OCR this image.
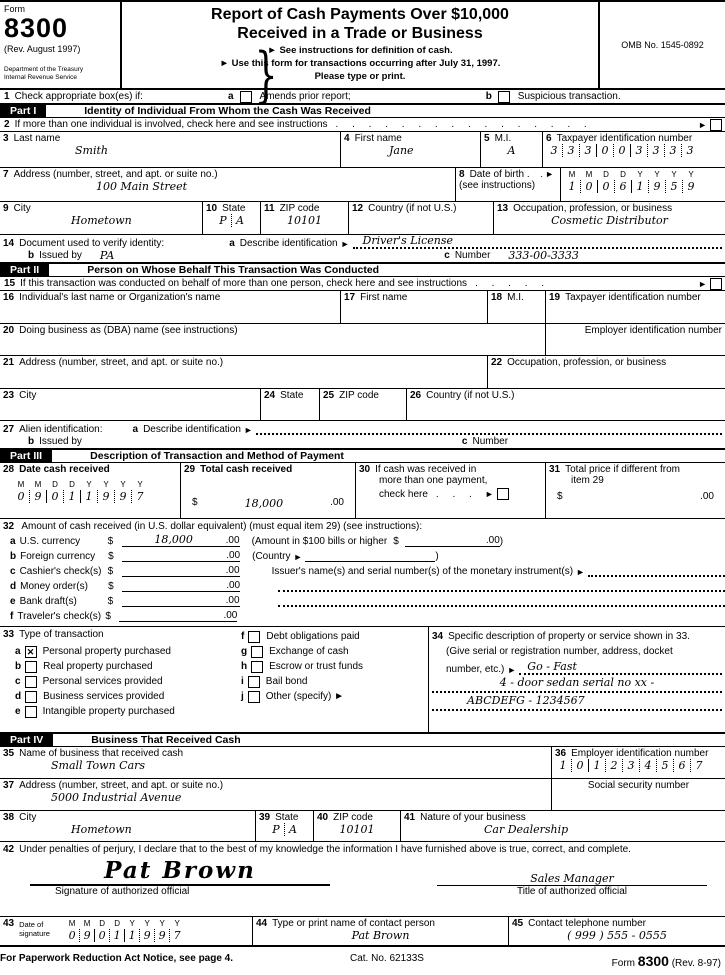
Form
8300
(Rev. August 1997)
Department of the Treasury
Internal Revenue Service
Report of Cash Payments Over $10,000
Received in a Trade or Business
► See instructions for definition of cash.
► Use this form for transactions occurring after July 31, 1997.
Please type or print.
OMB No. 1545-0892
1 Check appropriate box(es) if:	a	Amends prior report;	b	Suspicious transaction.
Part I	Identity of Individual From Whom the Cash Was Received
2 If more than one individual is involved, check here and see instructions . . . . . . . . . . . . . . . .	►
3 Last name
Smith
4 First name
Jane
5 M.I.
A
6 Taxpayer identification number
3 3 3 0 0 3 3 3 3
7 Address (number, street, and apt. or suite no.)
100 Main Street
8 Date of birth . . ►
(see instructions)
M	M	D	D	Y	Y	Y	Y
1 0 0 6 1 9 5 9
9 City
Hometown
10 State
P A
11 ZIP code
10101
12 Country (if not U.S.)	13 Occupation, profession, or business
Cosmetic Distributor
14 Document used to verify identity:	a Describe identification ► Driver's License
b Issued by PA	c Number 333-00-3333
Part II	Person on Whose Behalf This Transaction Was Conducted
15 If this transaction was conducted on behalf of more than one person, check here and see instructions . . . . .	►
16 Individual's last name or Organization's name	17 First name	18 M.I.	19 Taxpayer identification number
20 Doing business as (DBA) name (see instructions)	Employer identification number
21 Address (number, street, and apt. or suite no.)	22 Occupation, profession, or business
23 City	24 State	25 ZIP code	26 Country (if not U.S.)
27 Alien identification:	a Describe identification ►
b Issued by	c Number
Part III	Description of Transaction and Method of Payment
28 Date cash received
M	M	D	D	Y	Y	Y	Y
0 9 0 1 1 9 9 7
29 Total cash received
$	18,000	.00
30 If cash was received in
more than one payment,
check here . . . ►
31 Total price if different from
item 29
$	.00
32 Amount of cash received (in U.S. dollar equivalent) (must equal item 29) (see instructions):
a U.S. currency	$	18,000	.00 (Amount in $100 bills or higher $	.00 )
b Foreign currency	$	.00 (Country ►	)
c Cashier's check(s) $	.00	Issuer's name(s) and serial number(s) of the monetary instrument(s) ►
d Money order(s)	$	.00
e Bank draft(s)	$	.00
f Traveler's check(s) $	.00
}
33 Type of transaction
a ✕ Personal property purchased
b Real property purchased
c Personal services provided
d Business services provided
e Intangible property purchased
f Debt obligations paid
g Exchange of cash
h Escrow or trust funds
i Bail bond
j Other (specify) ►
34 Specific description of property or service shown in 33.
(Give serial or registration number, address, docket
number, etc.) ► Go - Fast
4 - door sedan serial no xx -
ABCDEFG - 1234567
Part IV	Business That Received Cash
35 Name of business that received cash
Small Town Cars
36 Employer identification number
1 0 1 2 3 4 5 6 7
37 Address (number, street, and apt. or suite no.)
5000 Industrial Avenue
Social security number
38 City
Hometown
39 State
P A
40 ZIP code
10101
41 Nature of your business
Car Dealership
42 Under penalties of perjury, I declare that to the best of my knowledge the information I have furnished above is true, correct, and complete.
Pat Brown
Signature of authorized official
Sales Manager
Title of authorized official
43 Date of signature
M	M	D	D	Y	Y	Y	Y
0 9 0 1 1 9 9 7
44 Type or print name of contact person
Pat Brown
45 Contact telephone number
( 999 ) 555 - 0555
For Paperwork Reduction Act Notice, see page 4.	Cat. No. 62133S	Form 8300 (Rev. 8-97)
